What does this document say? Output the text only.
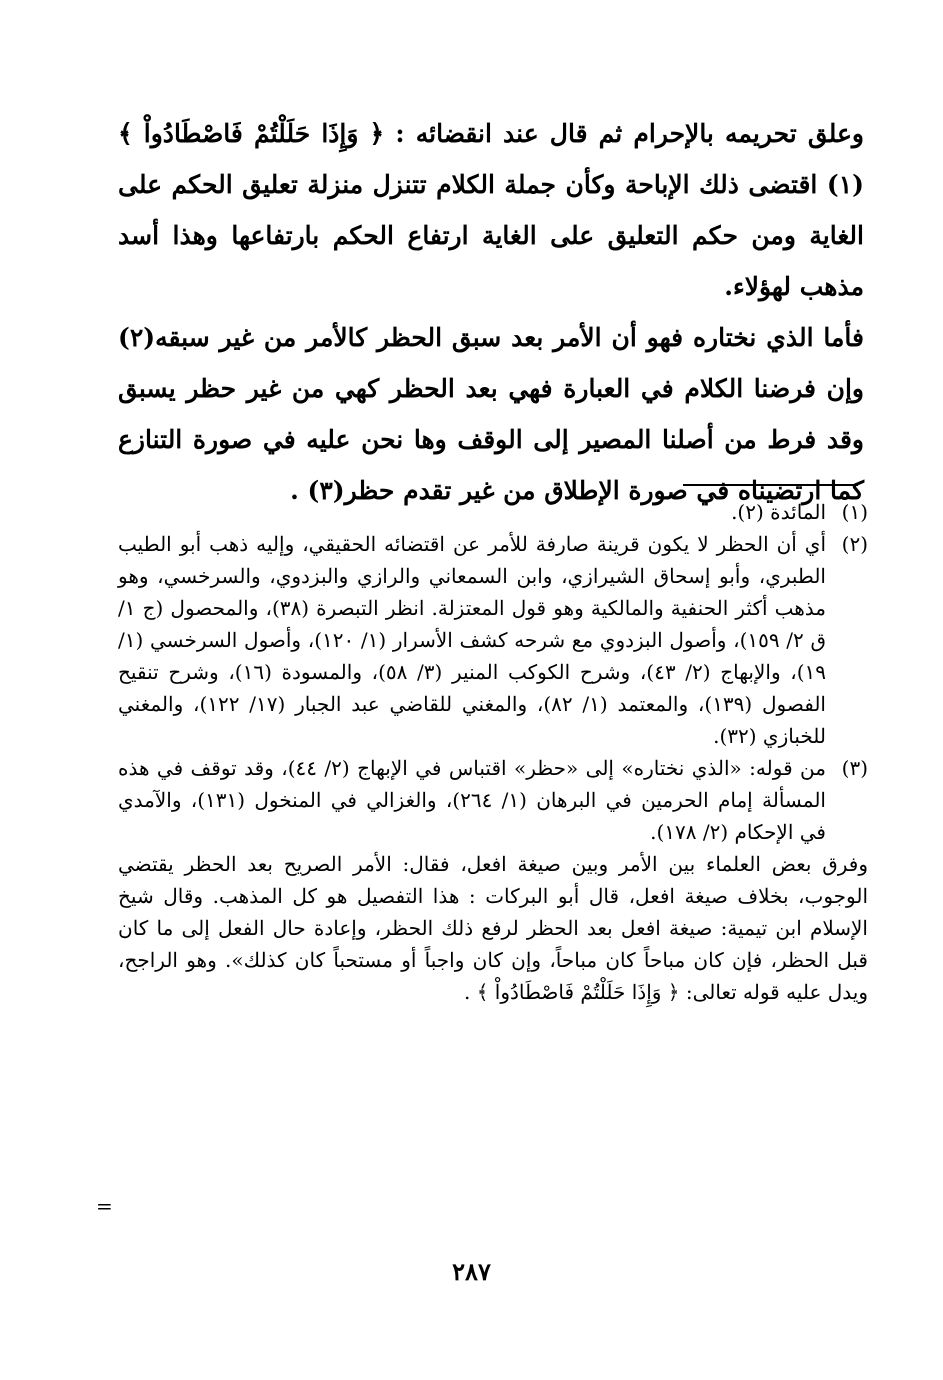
وعلق تحريمه بالإحرام ثم قال عند انقضائه : ﴿ وَإِذَا حَلَلْتُمْ فَاصْطَادُواْ ﴾(١) اقتضى ذلك الإباحة وكأن جملة الكلام تتنزل منزلة تعليق الحكم على الغاية ومن حكم التعليق على الغاية ارتفاع الحكم بارتفاعها وهذا أسد مذهب لهؤلاء.

فأما الذي نختاره فهو أن الأمر بعد سبق الحظر كالأمر من غير سبقه(٢) وإن فرضنا الكلام في العبارة فهي بعد الحظر كهي من غير حظر يسبق وقد فرط من أصلنا المصير إلى الوقف وها نحن عليه في صورة التنازع كما ارتضيناه في صورة الإطلاق من غير تقدم حظر(٣) .

(١)

المائدة (٢).

(٢)

أي أن الحظر لا يكون قرينة صارفة للأمر عن اقتضائه الحقيقي، وإليه ذهب أبو الطيب الطبري، وأبو إسحاق الشيرازي، وابن السمعاني والرازي والبزدوي، والسرخسي، وهو مذهب أكثر الحنفية والمالكية وهو قول المعتزلة. انظر التبصرة (٣٨)، والمحصول (ج ١/ ق ٢/ ١٥٩)، وأصول البزدوي مع شرحه كشف الأسرار (١/ ١٢٠)، وأصول السرخسي (١/ ١٩)، والإبهاج (٢/ ٤٣)، وشرح الكوكب المنير (٣/ ٥٨)، والمسودة (١٦)، وشرح تنقيح الفصول (١٣٩)، والمعتمد (١/ ٨٢)، والمغني للقاضي عبد الجبار (١٧/ ١٢٢)، والمغني للخبازي (٣٢).

(٣)

من قوله: «الذي نختاره» إلى «حظر» اقتباس في الإبهاج (٢/ ٤٤)، وقد توقف في هذه المسألة إمام الحرمين في البرهان (١/ ٢٦٤)، والغزالي في المنخول (١٣١)، والآمدي في الإحكام (٢/ ١٧٨).

وفرق بعض العلماء بين الأمر وبين صيغة افعل، فقال: الأمر الصريح بعد الحظر يقتضي الوجوب، بخلاف صيغة افعل، قال أبو البركات : هذا التفصيل هو كل المذهب. وقال شيخ الإسلام ابن تيمية: صيغة افعل بعد الحظر لرفع ذلك الحظر، وإعادة حال الفعل إلى ما كان قبل الحظر، فإن كان مباحاً كان مباحاً، وإن كان واجباً أو مستحباً كان كذلك». وهو الراجح، ويدل عليه قوله تعالى: ﴿ وَإِذَا حَلَلْتُمْ فَاصْطَادُواْ ﴾ .

=
٢٨٧
